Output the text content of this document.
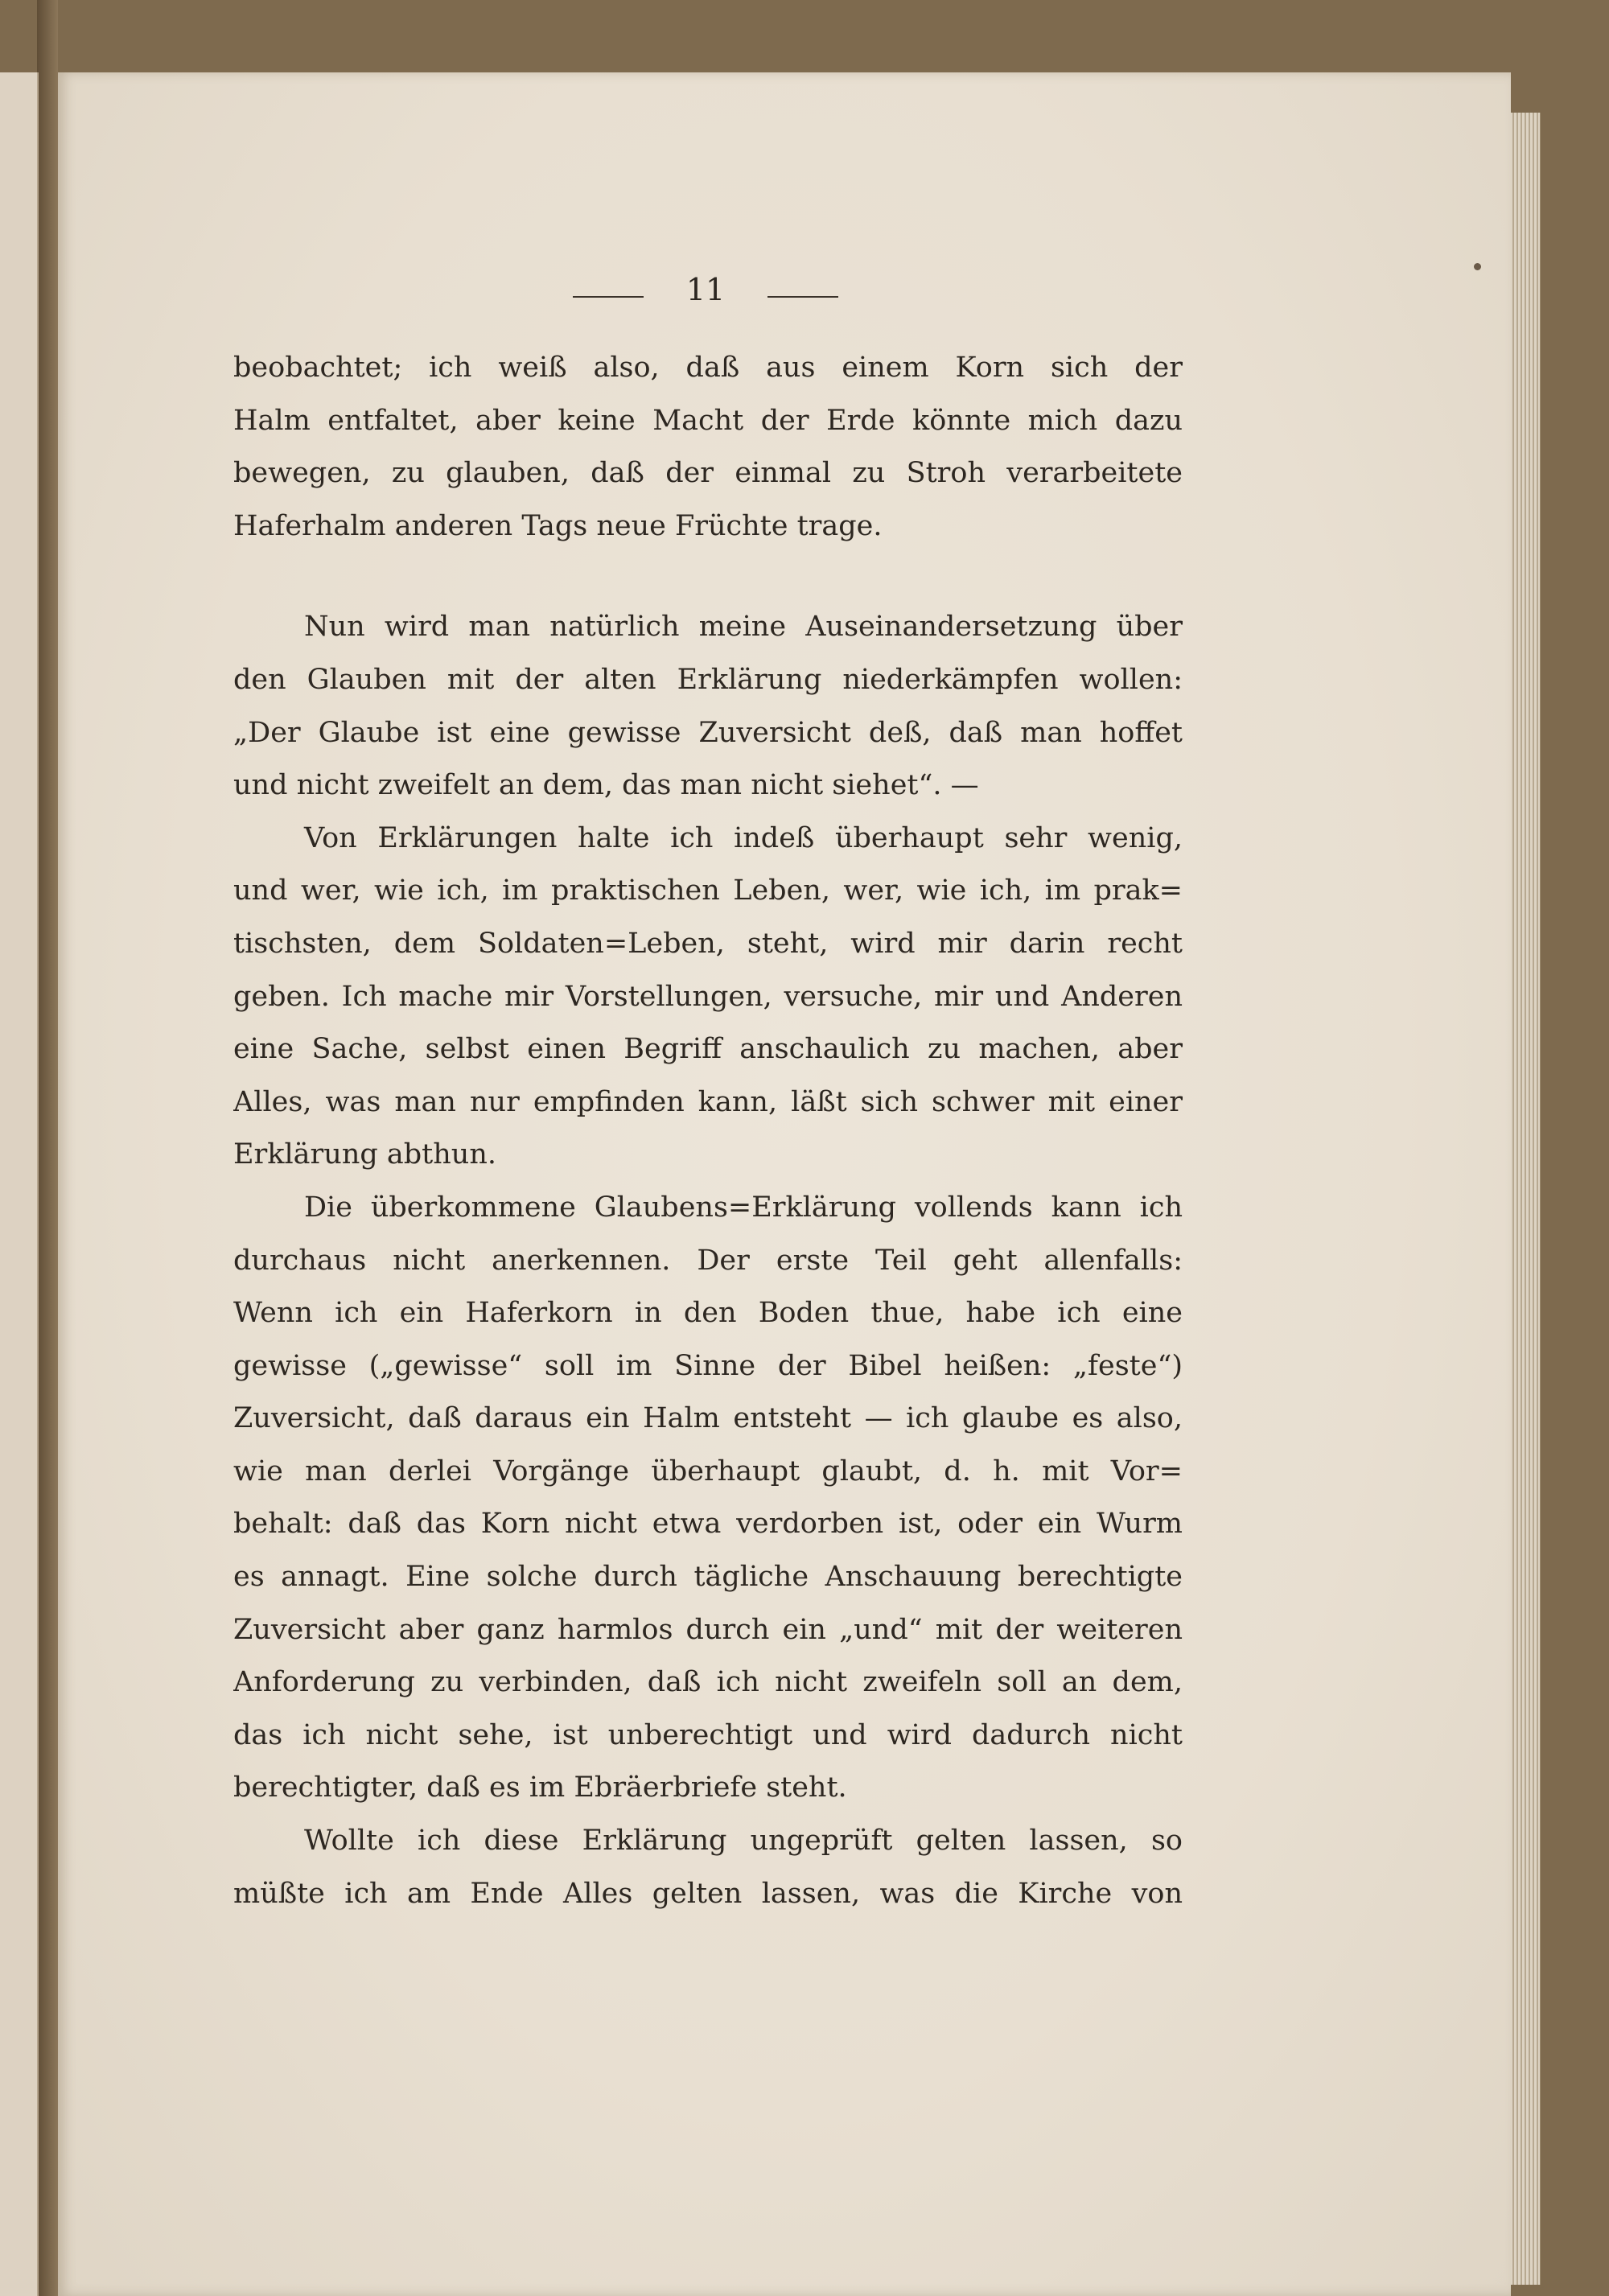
11
beobachtet; ich weiß also, daß aus einem Korn sich der
Halm entfaltet, aber keine Macht der Erde könnte mich dazu
bewegen, zu glauben, daß der einmal zu Stroh verarbeitete
Haferhalm anderen Tags neue Früchte trage.
Nun wird man natürlich meine Auseinandersetzung über
den Glauben mit der alten Erklärung niederkämpfen wollen:
„Der Glaube ist eine gewisse Zuversicht deß, daß man hoffet
und nicht zweifelt an dem, das man nicht siehet“. —
Von Erklärungen halte ich indeß überhaupt sehr wenig,
und wer, wie ich, im praktischen Leben, wer, wie ich, im prak=
tischsten, dem Soldaten=Leben, steht, wird mir darin recht
geben. Ich mache mir Vorstellungen, versuche, mir und Anderen
eine Sache, selbst einen Begriff anschaulich zu machen, aber
Alles, was man nur empfinden kann, läßt sich schwer mit einer
Erklärung abthun.
Die überkommene Glaubens=Erklärung vollends kann ich
durchaus nicht anerkennen. Der erste Teil geht allenfalls:
Wenn ich ein Haferkorn in den Boden thue, habe ich eine
gewisse („gewisse“ soll im Sinne der Bibel heißen: „feste“)
Zuversicht, daß daraus ein Halm entsteht — ich glaube es also,
wie man derlei Vorgänge überhaupt glaubt, d. h. mit Vor=
behalt: daß das Korn nicht etwa verdorben ist, oder ein Wurm
es annagt. Eine solche durch tägliche Anschauung berechtigte
Zuversicht aber ganz harmlos durch ein „und“ mit der weiteren
Anforderung zu verbinden, daß ich nicht zweifeln soll an dem,
das ich nicht sehe, ist unberechtigt und wird dadurch nicht
berechtigter, daß es im Ebräerbriefe steht.
Wollte ich diese Erklärung ungeprüft gelten lassen, so
müßte ich am Ende Alles gelten lassen, was die Kirche von
